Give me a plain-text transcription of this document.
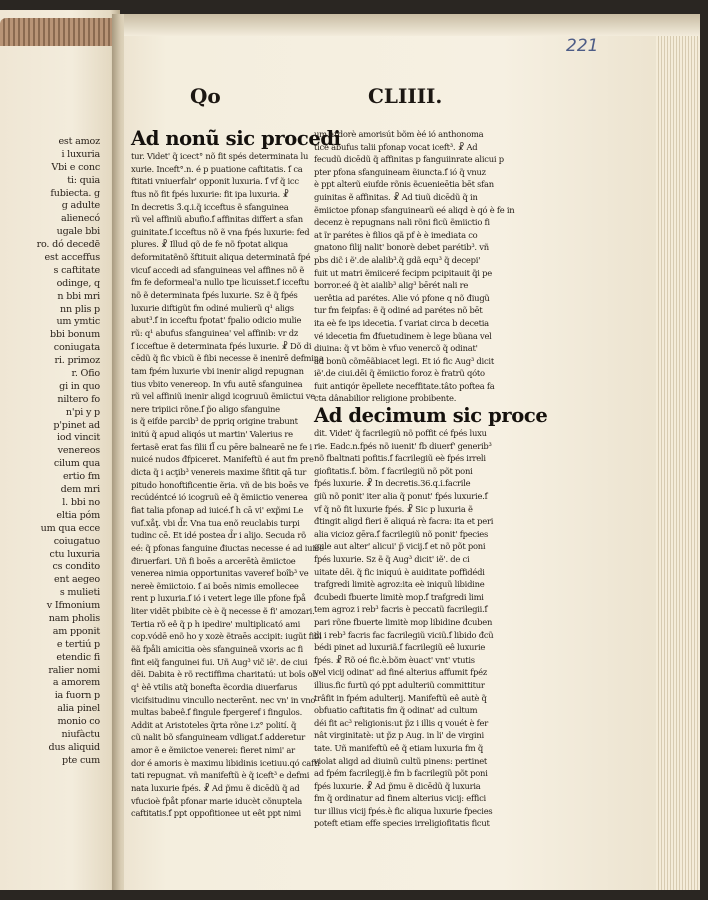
est amoz
i luxuria
Vbi e conc
ti: quia
fubiecta. g
g adulte
alienecó
ugale bbi
ro. dó decedē
est acceffus
s caftitate
odinge, q
n bbi mri
nn plis p
um ymtic
bbi bonum
coniugata
ri. primoz
r. Ofio
gi in quo
niltero fo
n'pi y p
p'pinet ad
iod vincit
venereos
cilum qua
ertio fm
dem mri
l. bbi no
eltia póm
um qua ecce
coiugatuo
ctu luxuria
cs condito
ent aegeo
s mulieti
v Ifmonium
nam pholis
am pponit
e tertiú p
etendic fi
ralier nomi
a amorem
ia fuorn p
alia pinel
monio co
niufàctu
dus aliquid
pte cum
221
Qo	CLIIII.
Ad nonũ sic procedi
tur. Videt' q̃ icect° nõ fit spés determinata lu
xurie. Inceft°.n. é p puatione caftitatis. ẝ ca
ftitati vniuerfalr' opponit luxuria. ẝ vf q̃ icc
ftus nõ fit fpés luxurie: fit ipa luxuria. ☧
In decretis 3̄.q.i.q̃ icceftus ẽ sfanguinea
rũ vel affiniũ abufio.ẝ affinitas differt a sfan
guinitate.ẝ icceftus nõ ẽ vna fpés luxurie: fed
plures. ☧ Illud qõ de fe nõ fpotat aliqua
deformitatẽnõ šftituit aliqua determinatā fpé
vicuẝ accedi ad sfanguineas vel affines nõ ẽ
fm fe deformeal'a nullo tpe licuisset.ẝ icceftu
nõ ẽ determinata fpés luxurie. Sz ẽ q̃ fpés
luxurie diftigũt fm odiné mulierũ q¹ aligs
abut³.ẝ in icceftu fpotat' fpalio odicio mulie
rũ: q¹ abufus sfanguinea' vel affinib: vr dz
ẝ icceftue ẽ determinata fpés luxurie. ☧ Dõ di
cēdũ q̃ fic vbicũ ẽ fibi necesse ẽ inenirē defmina
tam fpém luxurie vbi inenir aligd repugnan
tius vbito venereop. In vfu autē sfanguinea
rũ vel affiniũ inenir aligd icogruuũ ẽmiictui ve
nere tripiici rõne.ẝ p̃o aligo sfanguine
is q̃ eifde parcib³ de ppriq origine trabunt
initú q̃ apud aliqós ut martin' Valerius re
fertasẽ erat fas filii fl̃ cu pēre balnearē ne fe i
nuicé nudos đfpiceret. Manifeftũ é aut fm pre
dicta q̃ i acţib³ venereis maxime šfitit qā tur
pitudo honoftificentie ẽria. vñ de bis boēs ve
recúdéntcé ió icogruũ eê q̃ ẽmiictio venerea
fiat talia pfonap ad iuicé.ẝ h cā vi' exp̃mi Le
vuẝ.xåţ. vbi d̃r. Vna tua enõ reuclabis turpi
tudinc cē. Et idé postea d̃r i alijo. Secuda rõ
eé: q̃ pfonas fanguine điuctas necesse é ad iuicé
điruerfari. Uñ fi boēs a arcerētà ẽmiictoe
venerea nimia opportunitas vaveref boîb³ ve
nereè ẽmiictoio. ẝ ai boēs nimis emollecee
rent p luxuria.ẝ ió i vetert lege ille pfone fpå
liter vidēt pbibite cè è q̃ necesse ẽ fi' amozari.
Tertia rõ eê q̃ p h ipedire' multiplicató ami
cop.vódē enõ ho y xozè ẽtraēs accipit: iugũt fibi
ẽã fpåli amicitia oès sfanguineã vxoris ac fi
fint eiq̃ fanguinei fui. Uñ Aug³ vic̃ iẽ'. de ciui
dēi. Dabita è rõ rectiffima charitatú: ut boîs ob
q¹ èê vtilis atq̃ bonefta ẽcordia diuerfarus
vicifsitudinu vincullo necterēnt. nec vn' in vno
multas babeê.ẝ fingule fpergeref i fingulos.
Addit at Aristoteles q̃rta rõne i.z° polití. q̃
cũ nalit bõ sfanguineam vdligat.ẝ adderetur
amor ẽ e ẽmiictoe venerei: fieret nimi' ar
dor é amoris è maximu libidinis icetiuu.qó cafti
tati repugnat. vñ manifeftũ è q̃ iceft³ e defmi
nata luxurie fpés. ☧ Ad p̃mu ẽ dicēdũ q̃ ad
vfucioè fpåt pfonar marie iducèt cõnuptela
caftitatis.ẝ ppt oppofitionee ut eêt ppt nimi
um ardorè amorisút bõm èé ió anthonoma
tice abufus talii pfonap vocat iceft³. ☧ Ad
fecudũ dicēdũ q̃ affinitas p fanguiinrate alicui p
pter pfona sfanguineam ẽiuncta.ẝ ió q̃ vnuz
è ppt alterũ eiufde rõnis ẽcuenieētia bēt sfan
guinitas ẽ affinitas. ☧ Ad tiuũ dicēdũ q̃ in
ẽmiictoe pfonap sfanguinearũ eé aliqd è qó è fe in
decenz è repugnans nali rõni ficũ ẽmiictio fi
at ĩr parétes è filios qã pf è è imediata co
gnatono filij nalit' bonorè debet parétib³. vñ
pbs dic̃ i ẽ'.de alalib³.q̃ gdã equ³ q̃ decepi'
fuit ut matri ẽmiiceré fecipm pcipitauit q̃i pe
borror.eé q̃ èt aialib³ alig³ bērét nali re
uerêtia ad parétes. Alie vó pfone q nõ điugũ
tur fm feipfas: ẽ q̃ odiné ad parétes nõ bēt
ita eè fe ips idecetia. ẝ variat circa b decetia
vé idecetia fm đfuetudinem è lege bũana vel
diuina: q̃ vt bõm è vfuo venercõ q̃ odinat'
ad bonũ cõmēãbiacet legi. Et ió fic Aug³ dicit
iẽ'.de ciui.dēi q̃ ẽmiictio foroz è fratrũ qóto
fuit antiqór ẽpellete neceffitate.tâto poftea fa
cta dânabilior religione probibente.
Ad decimum sic proce
dit. Videt' q̃ facrilegiũ nõ poffit cé fpés luxu
rie. Eadc.n.fpés nõ iuenit' fb diuerf' generib³
nõ fbaltnati pofitis.ẝ facrilegiũ eè fpés irreli
giofitatis.ẝ. bõm. ẝ facrilegiũ nõ põt poni
fpés luxurie. ☧ In decretis.36.q.i.facrile
giũ nõ ponit' iter alia q̃ ponut' fpés luxurie.ẝ
vf q̃ nõ fit luxurie fpés. ☧ Sic p luxuria ẽ
đtingit aligd fieri ẽ aliquá rè facra: ita et peri
alia vicioz gēra.ẝ facrilegiũ nõ ponit' fpecies
gule aut alter' alicui' p̃ vicij.ẝ et nõ põt poni
fpés luxurie. Sz ẽ q̃ Aug³ dicit' iẽ'. de ci
uitate dēi. q̃ fic iniquú è auiditate poffidédi
trafgredi limitè agroz:ita eè iniquũ libidine
đcubedi fbuerte limitè mop.ẝ trafgredi limi
tem agroz i reb³ facris è peccatũ facrilegii.ẝ
pari rõne fbuerte limitè mop libidine đcuben
di i reb³ facris fac facrilegiũ viciũ.ẝ libido đcũ
bédi pinet ad luxuriã.ẝ facrilegiũ eê luxurie
fpés. ☧ Rõ oé fic.è.bõm èuact' vnt' vtutis
vel vicij odinat' ad finé alterius affumit fpéz
illius.fic furtũ qó ppt adulteriũ committitur
trâfit in fpém adulterij. Manifeftũ eê autè q̃
obfuatio caftitatis fm q̃ odinat' ad cultum
déi fit ac³ religionis:ut p̃z i illis q vouét è fer
nât virginitatè: ut p̃z p Aug. in li' de virgini
tate. Uñ manifeftũ eê q̃ etiam luxuria fm q̃
violat aligd ad diuinũ cultũ pinens: pertinet
ad fpém facrilegij.è fm b facrilegiũ põt poni
fpés luxurie. ☧ Ad p̃mu ẽ dicēdũ q̃ luxuria
fm q̃ ordinatur ad finem alterius vicij: effici
tur illius vicij fpés.è fic aliqua luxurie fpecies
poteft etiam effe species irreligiofitatis ficut
